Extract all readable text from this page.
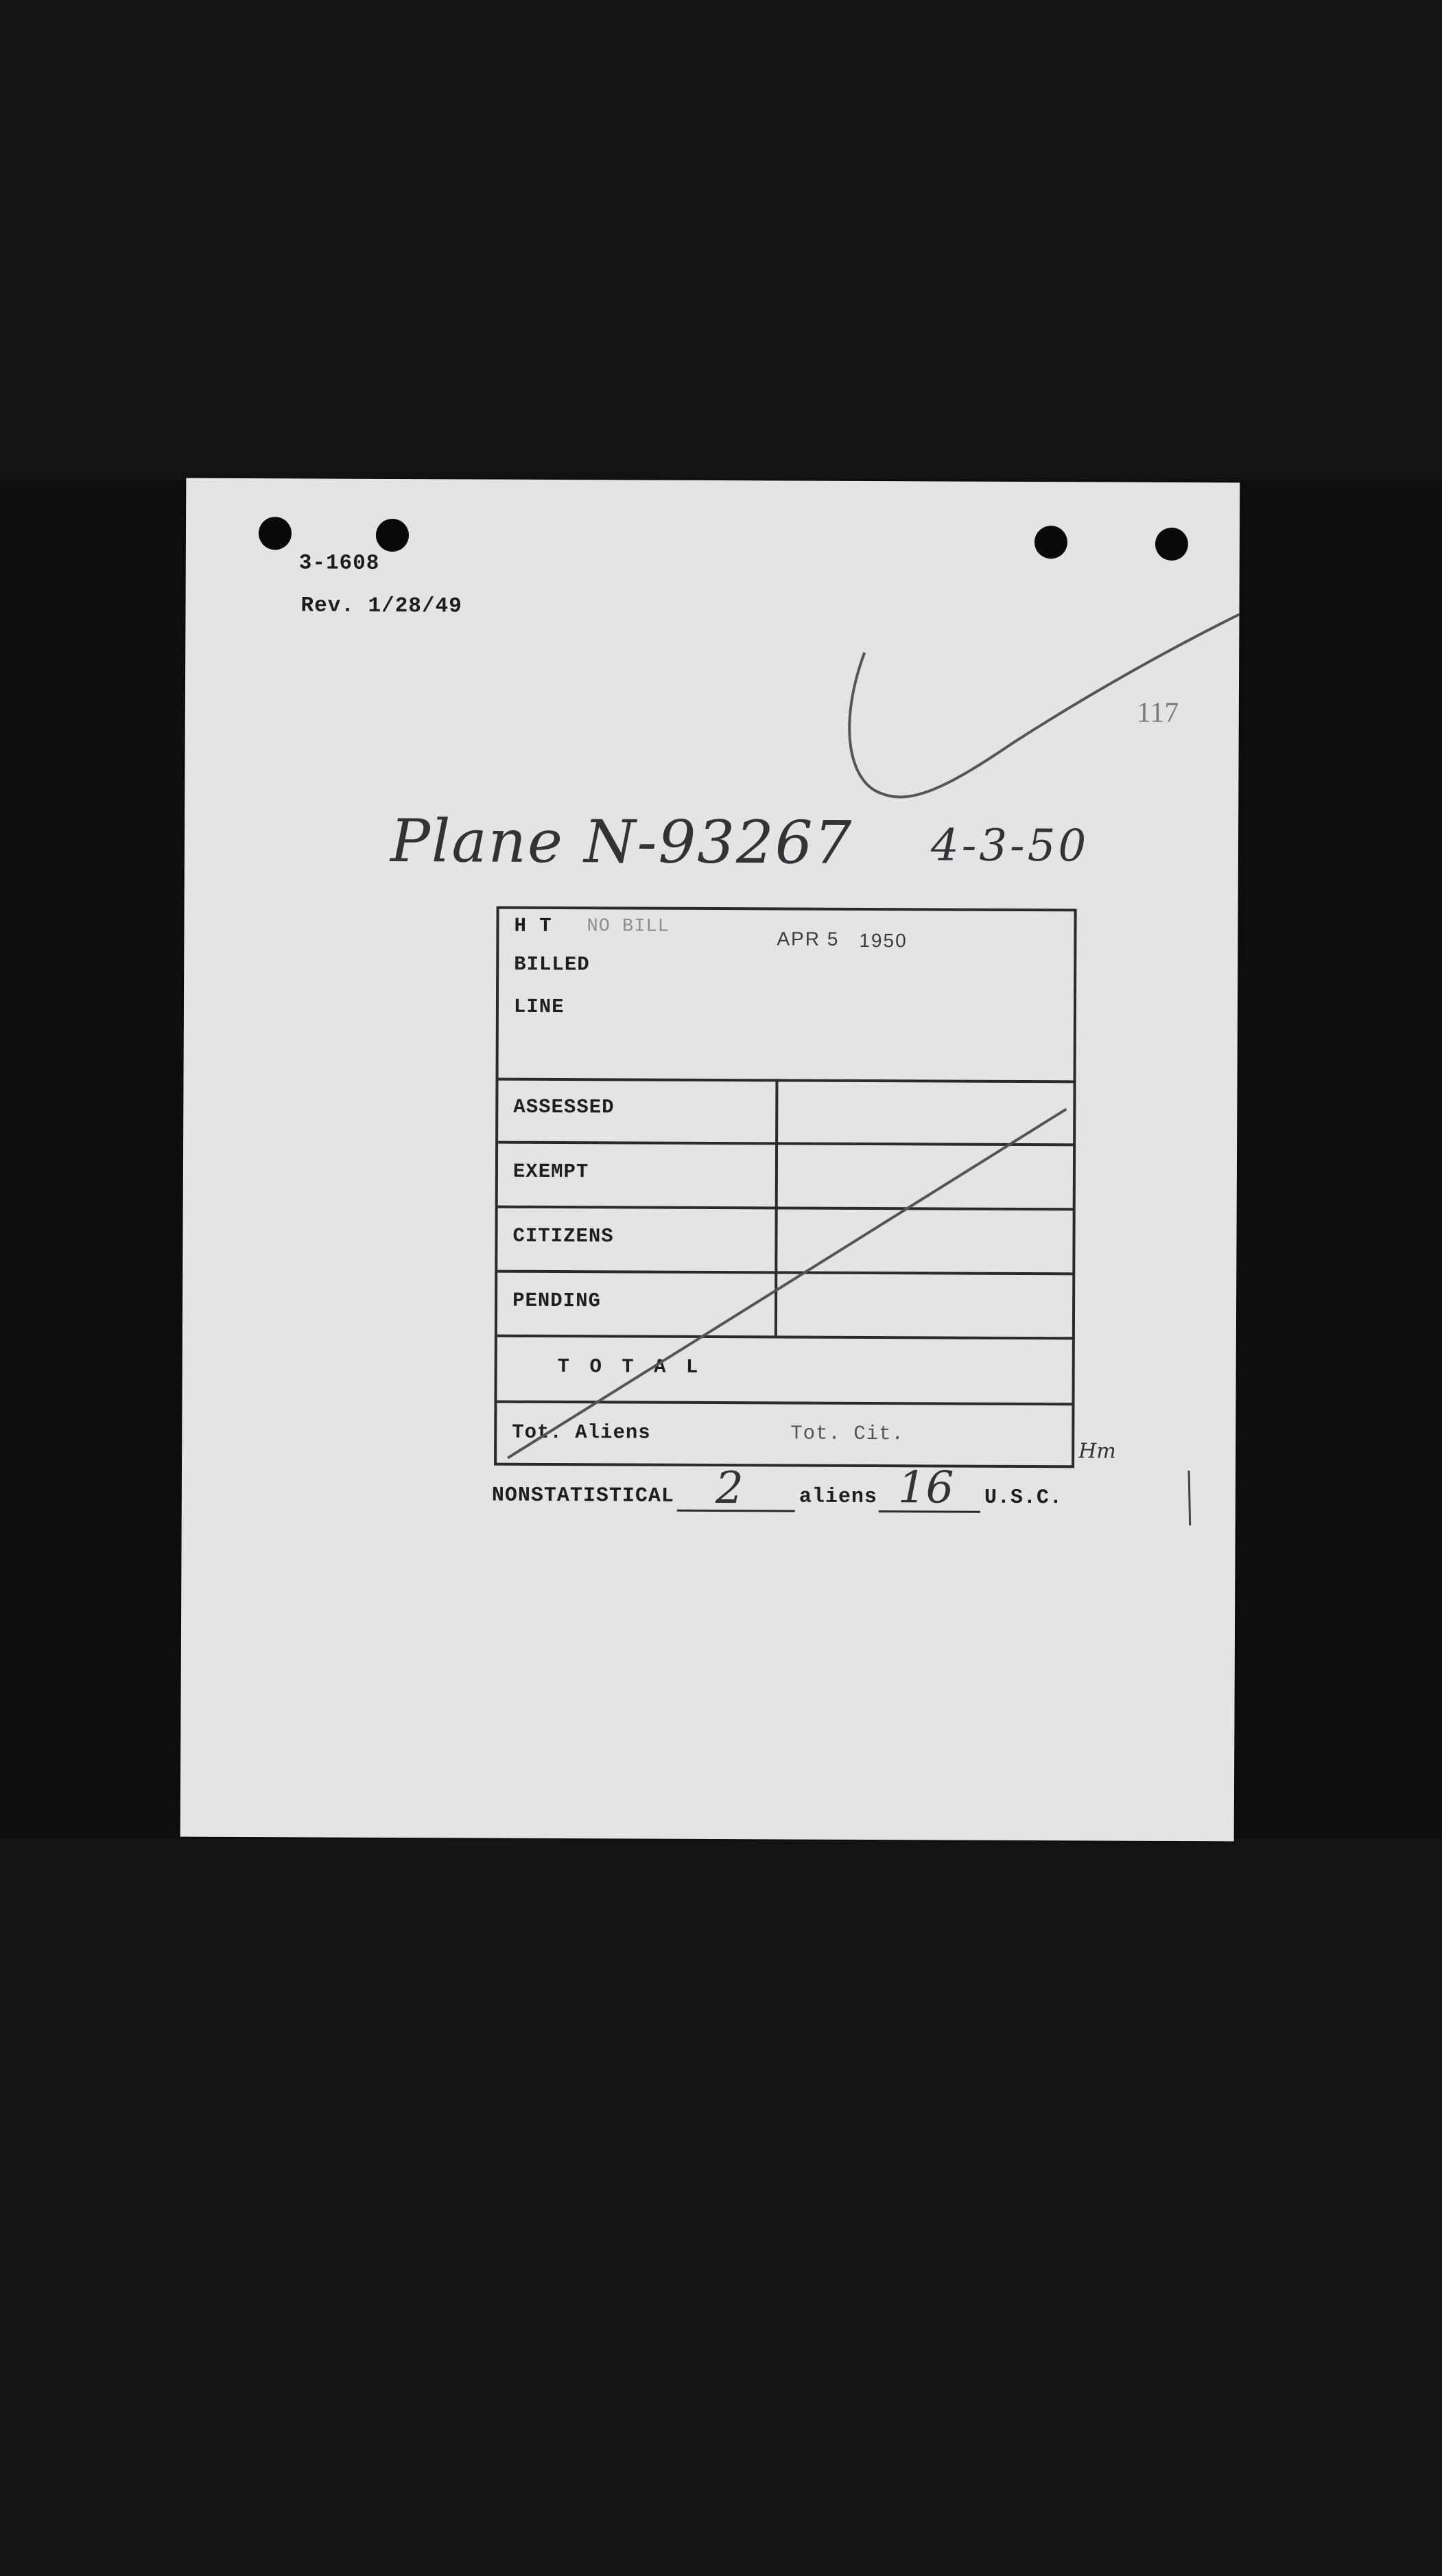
3-1608
Rev. 1/28/49
117
Plane N-93267 4-3-50
H T NO BILL
APR 5 1950
BILLED
LINE
ASSESSED
EXEMPT
CITIZENS
PENDING
T O T A L
Tot. Aliens	Tot. Cit.
Hm
NONSTATISTICAL 2	aliens 16 U.S.C.
